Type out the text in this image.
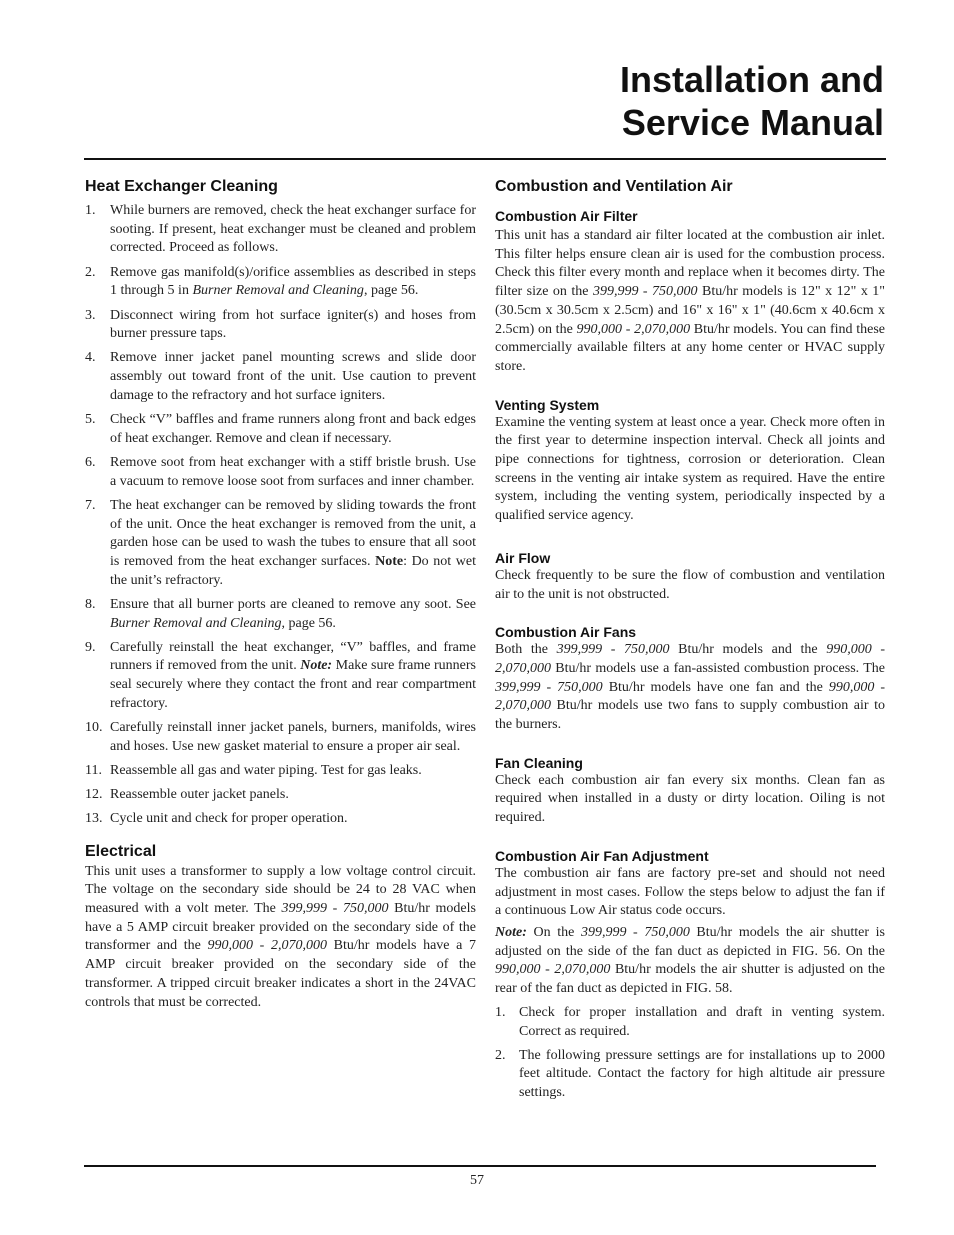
Installation and
Service Manual
Heat Exchanger Cleaning
1. While burners are removed, check the heat exchanger surface for sooting. If present, heat exchanger must be cleaned and problem corrected. Proceed as follows.
2. Remove gas manifold(s)/orifice assemblies as described in steps 1 through 5 in Burner Removal and Cleaning, page 56.
3. Disconnect wiring from hot surface igniter(s) and hoses from burner pressure taps.
4. Remove inner jacket panel mounting screws and slide door assembly out toward front of the unit. Use caution to prevent damage to the refractory and hot surface igniters.
5. Check “V” baffles and frame runners along front and back edges of heat exchanger. Remove and clean if necessary.
6. Remove soot from heat exchanger with a stiff bristle brush. Use a vacuum to remove loose soot from surfaces and inner chamber.
7. The heat exchanger can be removed by sliding towards the front of the unit. Once the heat exchanger is removed from the unit, a garden hose can be used to wash the tubes to ensure that all soot is removed from the heat exchanger surfaces. Note: Do not wet the unit’s refractory.
8. Ensure that all burner ports are cleaned to remove any soot. See Burner Removal and Cleaning, page 56.
9. Carefully reinstall the heat exchanger, “V” baffles, and frame runners if removed from the unit. Note: Make sure frame runners seal securely where they contact the front and rear compartment refractory.
10. Carefully reinstall inner jacket panels, burners, manifolds, wires and hoses. Use new gasket material to ensure a proper air seal.
11. Reassemble all gas and water piping. Test for gas leaks.
12. Reassemble outer jacket panels.
13. Cycle unit and check for proper operation.
Electrical

This unit uses a transformer to supply a low voltage control circuit. The voltage on the secondary side should be 24 to 28 VAC when measured with a volt meter. The 399,999 - 750,000 Btu/hr models have a 5 AMP circuit breaker provided on the secondary side of the transformer and the 990,000 - 2,070,000 Btu/hr models have a 7 AMP circuit breaker provided on the secondary side of the transformer. A tripped circuit breaker indicates a short in the 24VAC controls that must be corrected.

Combustion and Ventilation Air
Combustion Air Filter

This unit has a standard air filter located at the combustion air inlet. This filter helps ensure clean air is used for the combustion process. Check this filter every month and replace when it becomes dirty. The filter size on the 399,999 - 750,000 Btu/hr models is 12" x 12" x 1" (30.5cm x 30.5cm x 2.5cm) and 16" x 16" x 1" (40.6cm x 40.6cm x 2.5cm) on the 990,000 - 2,070,000 Btu/hr models. You can find these commercially available filters at any home center or HVAC supply store.

Venting System

Examine the venting system at least once a year. Check more often in the first year to determine inspection interval. Check all joints and pipe connections for tightness, corrosion or deterioration. Clean screens in the venting air intake system as required. Have the entire system, including the venting system, periodically inspected by a qualified service agency.

Air Flow

Check frequently to be sure the flow of combustion and ventilation air to the unit is not obstructed.

Combustion Air Fans

Both the 399,999 - 750,000 Btu/hr models and the 990,000 - 2,070,000 Btu/hr models use a fan-assisted combustion process. The 399,999 - 750,000 Btu/hr models have one fan and the 990,000 - 2,070,000 Btu/hr models use two fans to supply combustion air to the burners.

Fan Cleaning

Check each combustion air fan every six months. Clean fan as required when installed in a dusty or dirty location. Oiling is not required.

Combustion Air Fan Adjustment

The combustion air fans are factory pre-set and should not need adjustment in most cases. Follow the steps below to adjust the fan if a continuous Low Air status code occurs.

Note: On the 399,999 - 750,000 Btu/hr models the air shutter is adjusted on the side of the fan duct as depicted in FIG. 56. On the 990,000 - 2,070,000 Btu/hr models the air shutter is adjusted on the rear of the fan duct as depicted in FIG. 58.

1. Check for proper installation and draft in venting system. Correct as required.
2. The following pressure settings are for installations up to 2000 feet altitude. Contact the factory for high altitude air pressure settings.
57
